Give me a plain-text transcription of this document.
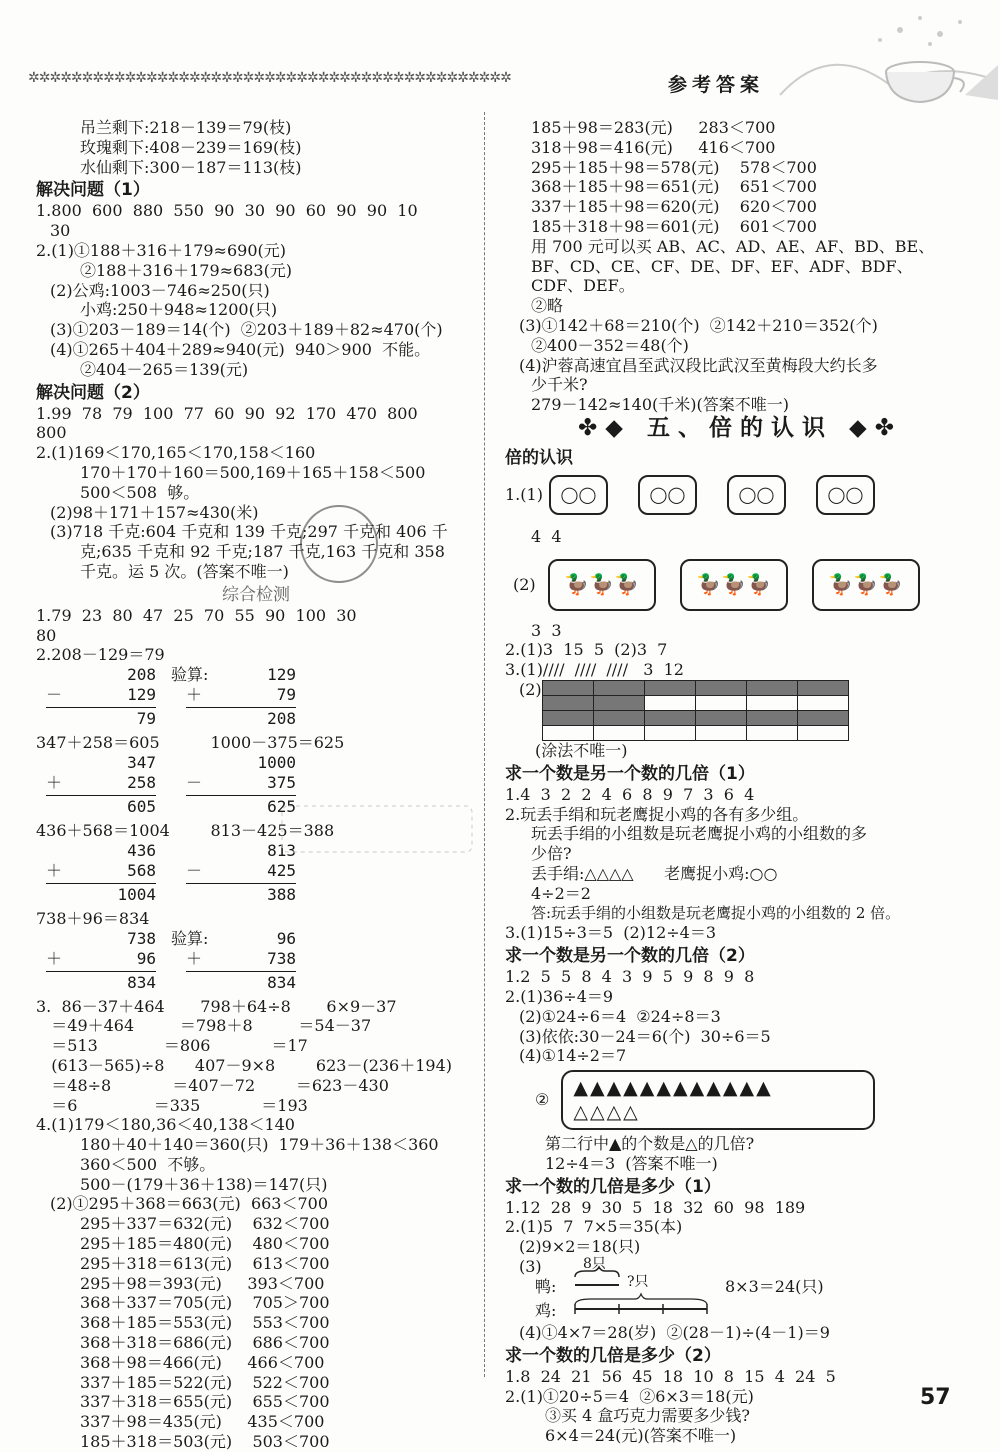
✲✲✲✲✲✲✲✲✲✲✲✲✲✲✲✲✲✲✲✲✲✲✲✲✲✲✲✲✲✲✲✲✲✲✲✲✲✲✲✲✲✲✲✲✲	参考答案
吊兰剩下:218－139＝79(枝)
玫瑰剩下:408－239＝169(枝)
水仙剩下:300－187＝113(枝)
解决问题（1）
1.800  600  880  550  90  30  90  60  90  90  10
30
2.(1)①188＋316＋179≈690(元)
②188＋316＋179≈683(元)
(2)公鸡:1003－746≈250(只)
小鸡:250＋948≈1200(只)
(3)①203－189＝14(个)  ②203＋189＋82≈470(个)
(4)①265＋404＋289≈940(元)  940＞900  不能。
②404－265＝139(元)
解决问题（2）
1.99  78  79  100  77  60  90  92  170  470  800
800
2.(1)169＜170,165＜170,158＜160
170＋170＋160＝500,169＋165＋158＜500
500＜508  够。
(2)98＋171＋157≈430(米)
(3)718 千克:604 千克和 139 千克;297 千克和 406 千
克;635 千克和 92 千克;187 千克,163 千克和 358
千克。运 5 次。(答案不唯一)
综合检测
1.79  23  80  47  25  70  55  90  100  30
80
2.208－129＝79
208
－	129
79
验算:	129
＋	79
208
347＋258＝605	1000－375＝625
347
＋	258
605
1000
－	375
625
436＋568＝1004	813－425＝388
436
＋	568
1004
813
－	425
388
738＋96＝834
738
＋	96
834
验算:	96
＋	738
834
3.  86－37＋464       798＋64÷8       6×9－37
＝49＋464         ＝798＋8         ＝54－37
＝513             ＝806            ＝17
(613－565)÷8      407－9×8        623－(236＋194)
＝48÷8            ＝407－72        ＝623－430
＝6               ＝335            ＝193
4.(1)179＜180,36＜40,138＜140
180＋40＋140＝360(只)  179＋36＋138＜360
360＜500  不够。
500－(179＋36＋138)＝147(只)
(2)①295＋368＝663(元)  663＜700
295＋337＝632(元)    632＜700
295＋185＝480(元)    480＜700
295＋318＝613(元)    613＜700
295＋98＝393(元)     393＜700
368＋337＝705(元)    705＞700
368＋185＝553(元)    553＜700
368＋318＝686(元)    686＜700
368＋98＝466(元)     466＜700
337＋185＝522(元)    522＜700
337＋318＝655(元)    655＜700
337＋98＝435(元)     435＜700
185＋318＝503(元)    503＜700
185＋98＝283(元)     283＜700
318＋98＝416(元)     416＜700
295＋185＋98＝578(元)    578＜700
368＋185＋98＝651(元)    651＜700
337＋185＋98＝620(元)    620＜700
185＋318＋98＝601(元)    601＜700
用 700 元可以买 AB、AC、AD、AE、AF、BD、BE、
BF、CD、CE、CF、DE、DF、EF、ADF、BDF、
CDF、DEF。
②略
(3)①142＋68＝210(个)  ②142＋210＝352(个)
②400－352＝48(个)
(4)沪蓉高速宜昌至武汉段比武汉至黄梅段大约长多
少千米?
279－142≈140(千米)(答案不唯一)
✤◆ 五、倍的认识 ◆✤
倍的认识
1.(1) ◯◯	◯◯	◯◯	◯◯
4  4
(2) 🦆🦆🦆	🦆🦆🦆	🦆🦆🦆
3  3
2.(1)3  15  5  (2)3  7
3.(1)////  ////  ////   3  12
(2)

(涂法不唯一)
求一个数是另一个数的几倍（1）
1.4  3  2  2  4  6  8  9  7  3  6  4
2.玩丢手绢和玩老鹰捉小鸡的各有多少组。
玩丢手绢的小组数是玩老鹰捉小鸡的小组数的多
少倍?
丢手绢:△△△△      老鹰捉小鸡:○○
4÷2＝2
答:玩丢手绢的小组数是玩老鹰捉小鸡的小组数的 2 倍。
3.(1)15÷3＝5  (2)12÷4＝3
求一个数是另一个数的几倍（2）
1.2  5  5  8  4  3  9  5  9  8  9  8
2.(1)36÷4＝9
(2)①24÷6＝4  ②24÷8＝3
(3)依依:30－24＝6(个)  30÷6＝5
(4)①14÷2＝7
②
▲▲▲▲▲▲▲▲▲▲▲▲
△△△△
第二行中▲的个数是△的几倍?
12÷4＝3  (答案不唯一)
求一个数的几倍是多少（1）
1.12  28  9  30  5  18  32  60  98  189
2.(1)5  7  7×5＝35(本)
(2)9×2＝18(只)
(3)
鸭:
8只
?只
鸡:
8×3＝24(只)
(4)①4×7＝28(岁)  ②(28－1)÷(4－1)＝9
求一个数的几倍是多少（2）
1.8  24  21  56  45  18  10  8  15  4  24  5
2.(1)①20÷5＝4  ②6×3＝18(元)
③买 4 盒巧克力需要多少钱?
6×4＝24(元)(答案不唯一)
57
